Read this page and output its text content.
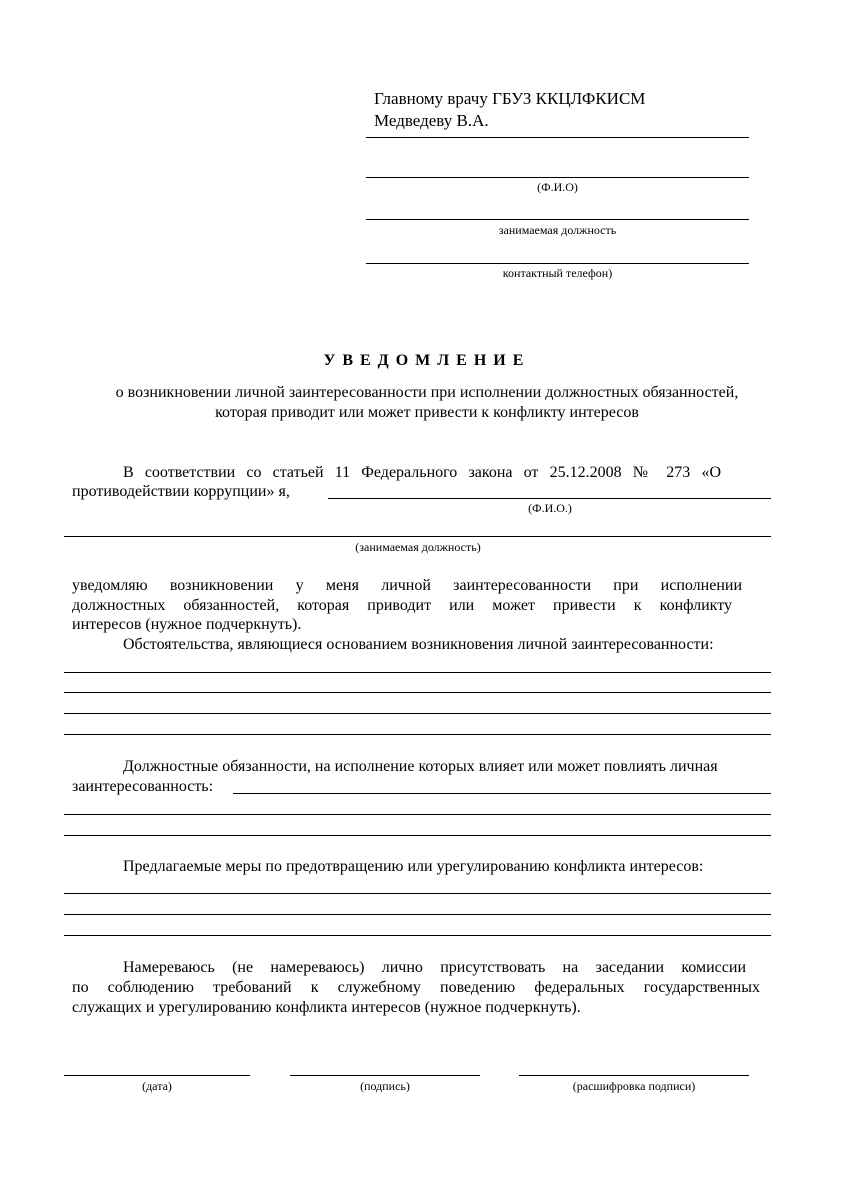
Главному врачу ГБУЗ ККЦЛФКИСМ
Медведеву В.А.
(Ф.И.О)
занимаемая должность
контактный телефон)
УВЕДОМЛЕНИЕ
о возникновении личной заинтересованности при исполнении должностных обязанностей,
которая приводит или может привести к конфликту интересов
В соответствии со статьей 11 Федерального закона от 25.12.2008 № 273 «О
противодействии коррупции» я,
(Ф.И.О.)
(занимаемая должность)
уведомляю возникновении у меня личной заинтересованности при исполнении
должностных обязанностей, которая приводит или может привести к конфликту
интересов (нужное подчеркнуть).
Обстоятельства, являющиеся основанием возникновения личной заинтересованности:
Должностные обязанности, на исполнение которых влияет или может повлиять личная
заинтересованность:
Предлагаемые меры по предотвращению или урегулированию конфликта интересов:
Намереваюсь (не намереваюсь) лично присутствовать на заседании комиссии
по соблюдению требований к служебному поведению федеральных государственных
служащих и урегулированию конфликта интересов (нужное подчеркнуть).
(дата)	(подпись)	(расшифровка подписи)
